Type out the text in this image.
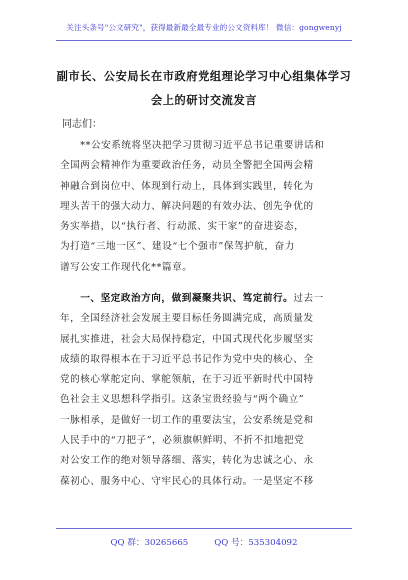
关注头条号"公文研究"，获得最新最全最专业的公文资料库！ 微信：gongwenyj
副市长、公安局长在市政府党组理论学习中心组集体学习
会上的研讨交流发言
同志们：
　　**公安系统将坚决把学习贯彻习近平总书记重要讲话和
全国两会精神作为重要政治任务，动员全警把全国两会精
神融合到岗位中、体现到行动上，具体到实践里，转化为
埋头苦干的强大动力、解决问题的有效办法、创先争优的
务实举措，以“执行者、行动派、实干家”的奋进姿态，
为打造“三地一区”、建设“七个强市”保驾护航，奋力
谱写公安工作现代化**篇章。
　　一、坚定政治方向，做到凝聚共识、笃定前行。过去一
年，全国经济社会发展主要目标任务圆满完成，高质量发
展扎实推进，社会大局保持稳定，中国式现代化步履坚实
成绩的取得根本在于习近平总书记作为党中央的核心、全
党的核心掌舵定向、掌舵领航，在于习近平新时代中国特
色社会主义思想科学指引。这条宝贵经验与“两个确立”
一脉相承，是做好一切工作的重要法宝，公安系统是党和
人民手中的“刀把子”，必须旗帜鲜明、不折不扣地把党
对公安工作的绝对领导落细、落实，转化为忠诚之心、永
葆初心、服务中心、守牢民心的具体行动。一是坚定不移
QQ 群：30265665	QQ 号：535304092
